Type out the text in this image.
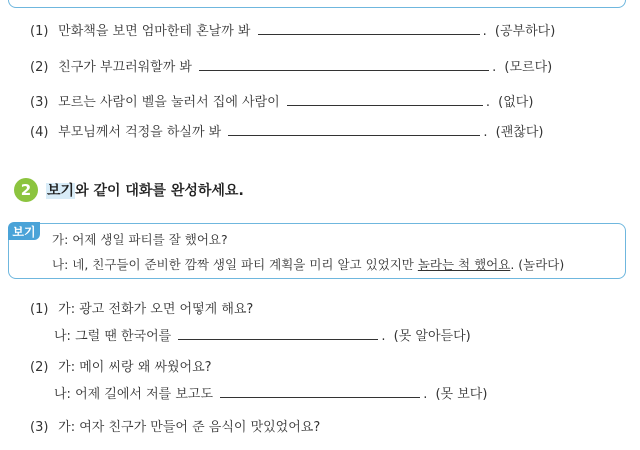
(1) 만화책을 보면 엄마한테 혼날까 봐	. (공부하다)
(2) 친구가 부끄러워할까 봐	. (모르다)
(3) 모르는 사람이 벨을 눌러서 집에 사람이	. (없다)
(4) 부모님께서 걱정을 하실까 봐	. (괜찮다)
2	보기와 같이 대화를 완성하세요.
보기
가: 어제 생일 파티를 잘 했어요?
나: 네, 친구들이 준비한 깜짝 생일 파티 계획을 미리 알고 있었지만 놀라는 척 했어요. (놀라다)
(1) 가: 광고 전화가 오면 어떻게 해요?
나: 그럴 땐 한국어를	. (못 알아듣다)
(2) 가: 메이 씨랑 왜 싸웠어요?
나: 어제 길에서 저를 보고도	. (못 보다)
(3) 가: 여자 친구가 만들어 준 음식이 맛있었어요?
